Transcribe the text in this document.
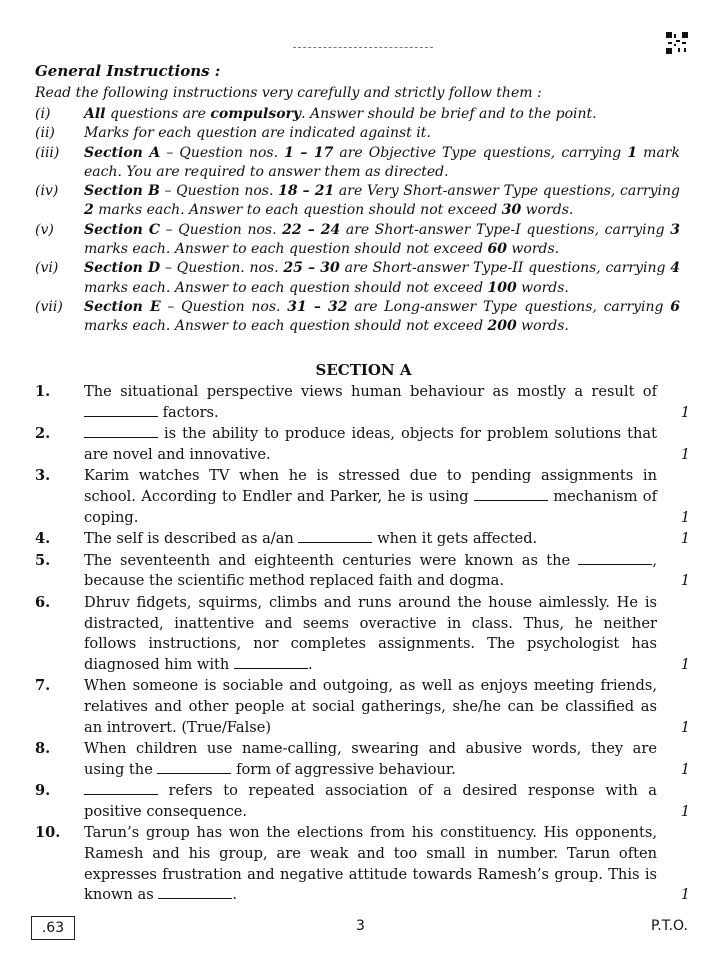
General Instructions :
Read the following instructions very carefully and strictly follow them :
(i)	All questions are compulsory. Answer should be brief and to the point.
(ii)	Marks for each question are indicated against it.
(iii)	Section A – Question nos. 1 – 17 are Objective Type questions, carrying 1 mark each. You are required to answer them as directed.
(iv)	Section B – Question nos. 18 – 21 are Very Short-answer Type questions, carrying 2 marks each. Answer to each question should not exceed 30 words.
(v)	Section C – Question nos. 22 – 24 are Short-answer Type-I questions, carrying 3 marks each. Answer to each question should not exceed 60 words.
(vi)	Section D – Question. nos. 25 – 30 are Short-answer Type-II questions, carrying 4 marks each. Answer to each question should not exceed 100 words.
(vii)	Section E – Question nos. 31 – 32 are Long-answer Type questions, carrying 6 marks each. Answer to each question should not exceed 200 words.
SECTION A
1.	The situational perspective views human behaviour as mostly a result of  factors.	1
2.	is the ability to produce ideas, objects for problem solutions that are novel and innovative.	1
3.	Karim watches TV when he is stressed due to pending assignments in school. According to Endler and Parker, he is using	mechanism of coping.	1
4.	The self is described as a/an	when it gets affected.	1
5.	The seventeenth and eighteenth centuries were known as the	, because the scientific method replaced faith and dogma.	1
6.	Dhruv fidgets, squirms, climbs and runs around the house aimlessly. He is distracted, inattentive and seems overactive in class. Thus, he neither follows instructions, nor completes assignments. The psychologist has diagnosed him with	.	1
7.	When someone is sociable and outgoing, as well as enjoys meeting friends, relatives and other people at social gatherings, she/he can be classified as an introvert. (True/False)	1
8.	When children use name-calling, swearing and abusive words, they are using the	form of aggressive behaviour.	1
9.	refers to repeated association of a desired response with a positive consequence.	1
10.	Tarun’s group has won the elections from his constituency. His opponents, Ramesh and his group, are weak and too small in number. Tarun often expresses frustration and negative attitude towards Ramesh’s group. This is known as	.	1
.63	3	P.T.O.
